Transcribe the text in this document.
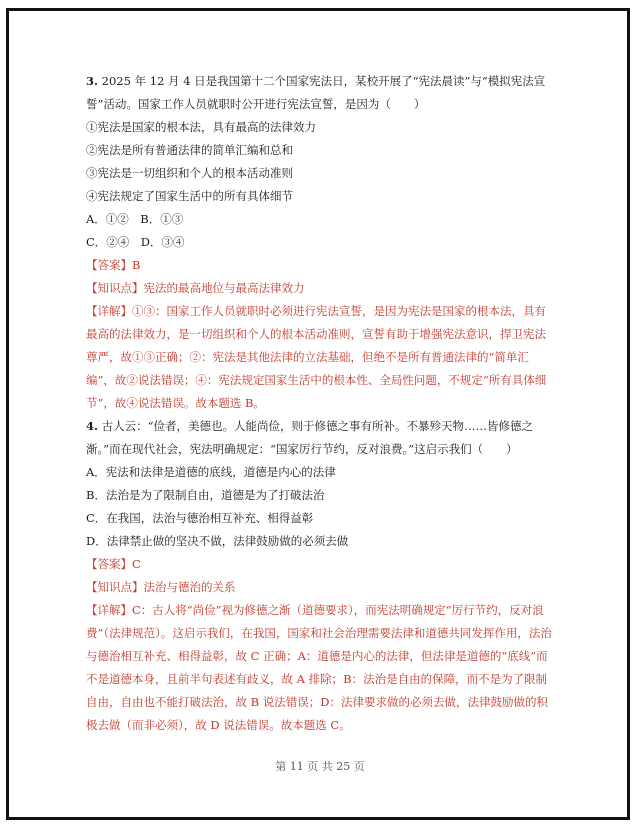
3. 2025 年 12 月 4 日是我国第十二个国家宪法日，某校开展了“宪法晨读”与“模拟宪法宣誓”活动。国家工作人员就职时公开进行宪法宣誓，是因为（　　）

①宪法是国家的根本法，具有最高的法律效力

②宪法是所有普通法律的简单汇编和总和

③宪法是一切组织和个人的根本活动准则

④宪法规定了国家生活中的所有具体细节

A．①②　B．①③

C．②④　D．③④

【答案】B

【知识点】宪法的最高地位与最高法律效力

【详解】①③：国家工作人员就职时必须进行宪法宣誓，是因为宪法是国家的根本法，具有最高的法律效力，是一切组织和个人的根本活动准则，宣誓有助于增强宪法意识，捍卫宪法尊严，故①③正确；②：宪法是其他法律的立法基础，但绝不是所有普通法律的“简单汇编”，故②说法错误；④：宪法规定国家生活中的根本性、全局性问题，不规定“所有具体细节”，故④说法错误。故本题选 B。

4. 古人云：“俭者，美德也。人能尚俭，则于修德之事有所补。不暴殄天物……皆修德之渐。”而在现代社会，宪法明确规定：“国家厉行节约，反对浪费。”这启示我们（　　）

A．宪法和法律是道德的底线，道德是内心的法律

B．法治是为了限制自由，道德是为了打破法治

C．在我国，法治与德治相互补充、相得益彰

D．法律禁止做的坚决不做，法律鼓励做的必须去做

【答案】C

【知识点】法治与德治的关系

【详解】C：古人将“尚俭”视为修德之渐（道德要求），而宪法明确规定“厉行节约，反对浪费”（法律规范）。这启示我们，在我国，国家和社会治理需要法律和道德共同发挥作用，法治与德治相互补充、相得益彰，故 C 正确；A：道德是内心的法律，但法律是道德的“底线”而不是道德本身，且前半句表述有歧义，故 A 排除；B：法治是自由的保障，而不是为了限制自由，自由也不能打破法治，故 B 说法错误；D：法律要求做的必须去做，法律鼓励做的积极去做（而非必须），故 D 说法错误。故本题选 C。

第 11 页 共 25 页
